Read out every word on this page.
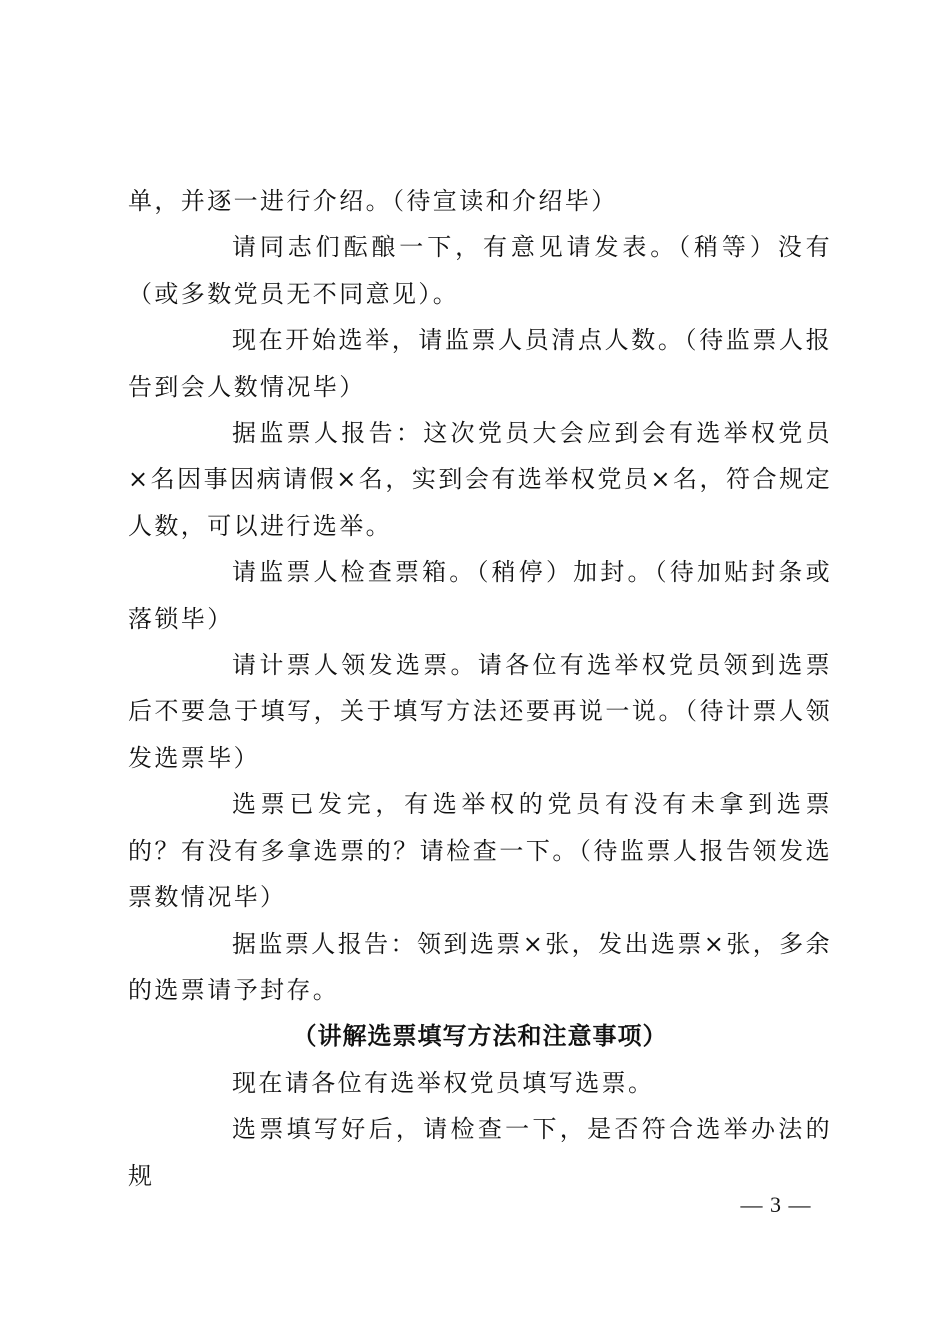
单，并逐一进行介绍。（待宣读和介绍毕）

请同志们酝酿一下，有意见请发表。（稍等）没有（或多数党员无不同意见）。

现在开始选举，请监票人员清点人数。（待监票人报告到会人数情况毕）

据监票人报告：这次党员大会应到会有选举权党员×名因事因病请假×名，实到会有选举权党员×名，符合规定人数，可以进行选举。

请监票人检查票箱。（稍停）加封。（待加贴封条或落锁毕）

请计票人领发选票。请各位有选举权党员领到选票后不要急于填写，关于填写方法还要再说一说。（待计票人领发选票毕）

选票已发完，有选举权的党员有没有未拿到选票的？有没有多拿选票的？请检查一下。（待监票人报告领发选票数情况毕）

据监票人报告：领到选票×张，发出选票×张，多余的选票请予封存。

（讲解选票填写方法和注意事项）

现在请各位有选举权党员填写选票。

选票填写好后，请检查一下，是否符合选举办法的规

— 3 —
